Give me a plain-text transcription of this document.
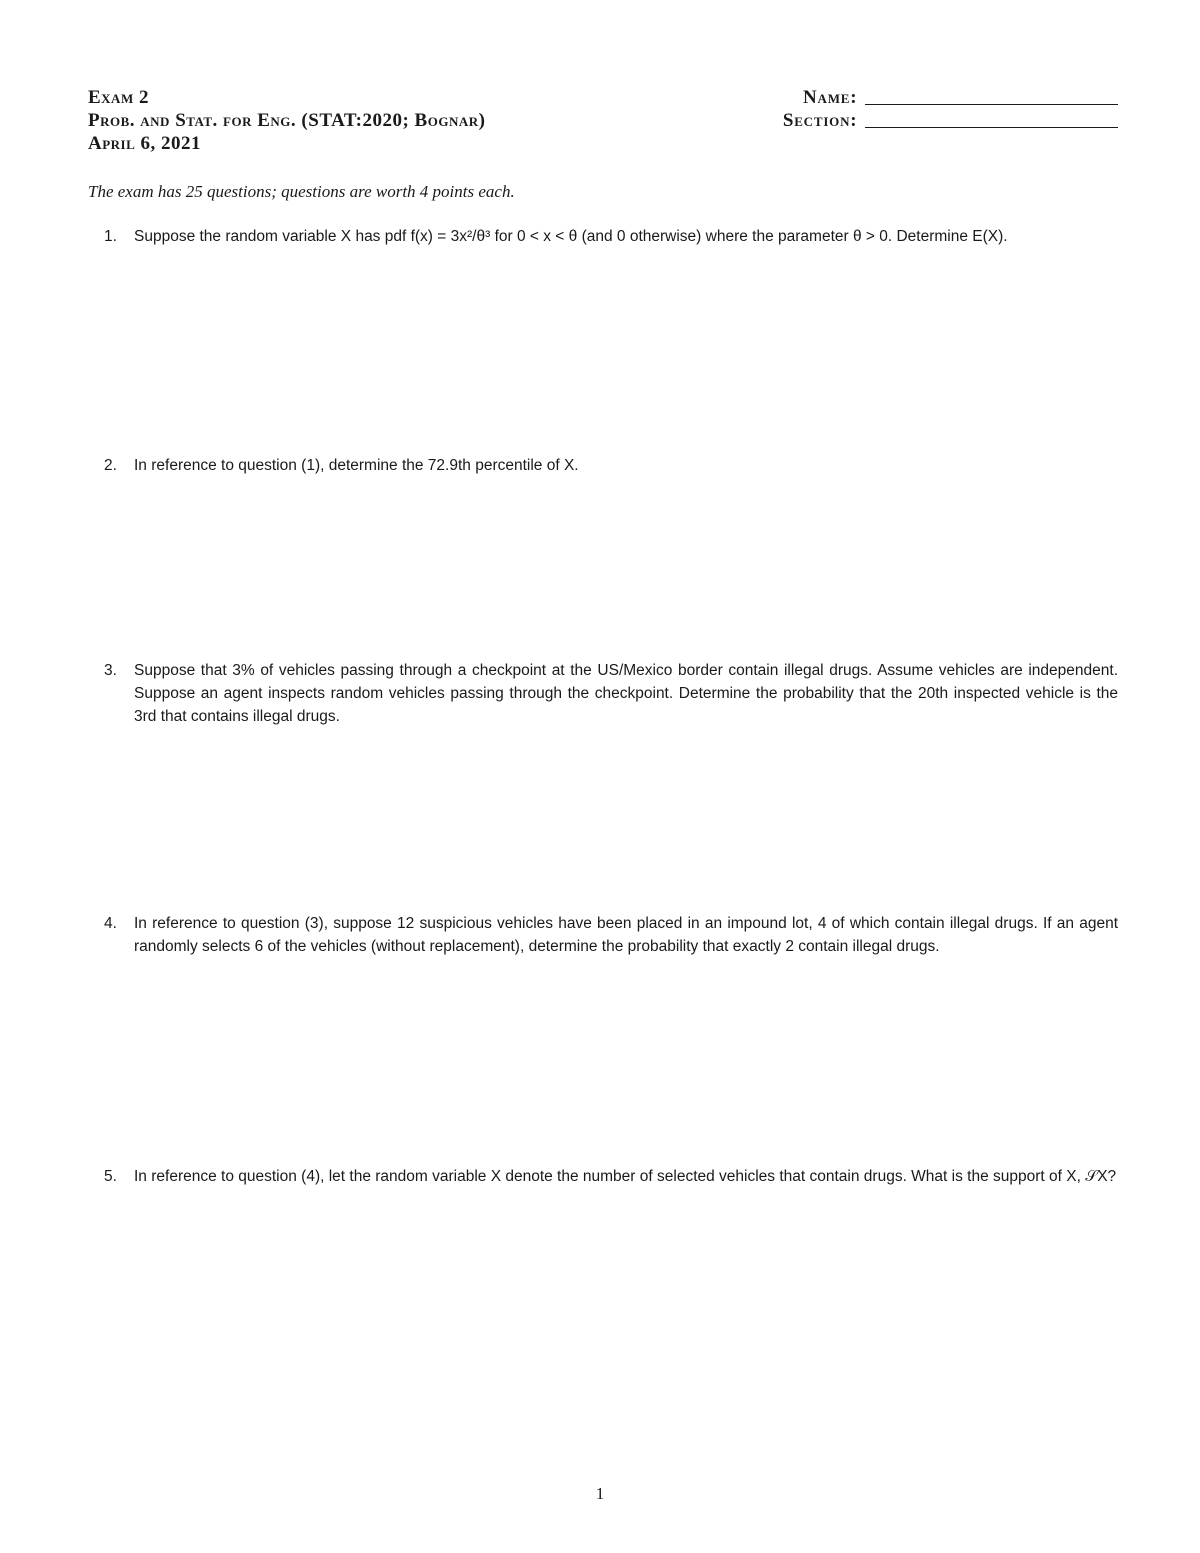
Exam 2
Prob. and Stat. for Eng. (STAT:2020; Bognar)
April 6, 2021
Name:
Section:
The exam has 25 questions; questions are worth 4 points each.
1.	Suppose the random variable X has pdf f(x) = 3x²/θ³ for 0 < x < θ (and 0 otherwise) where the parameter θ > 0. Determine E(X).
2.	In reference to question (1), determine the 72.9th percentile of X.
3.	Suppose that 3% of vehicles passing through a checkpoint at the US/Mexico border contain illegal drugs. Assume vehicles are independent. Suppose an agent inspects random vehicles passing through the checkpoint. Determine the probability that the 20th inspected vehicle is the 3rd that contains illegal drugs.
4.	In reference to question (3), suppose 12 suspicious vehicles have been placed in an impound lot, 4 of which contain illegal drugs. If an agent randomly selects 6 of the vehicles (without replacement), determine the probability that exactly 2 contain illegal drugs.
5.	In reference to question (4), let the random variable X denote the number of selected vehicles that contain drugs. What is the support of X, 𝒮X?
1
